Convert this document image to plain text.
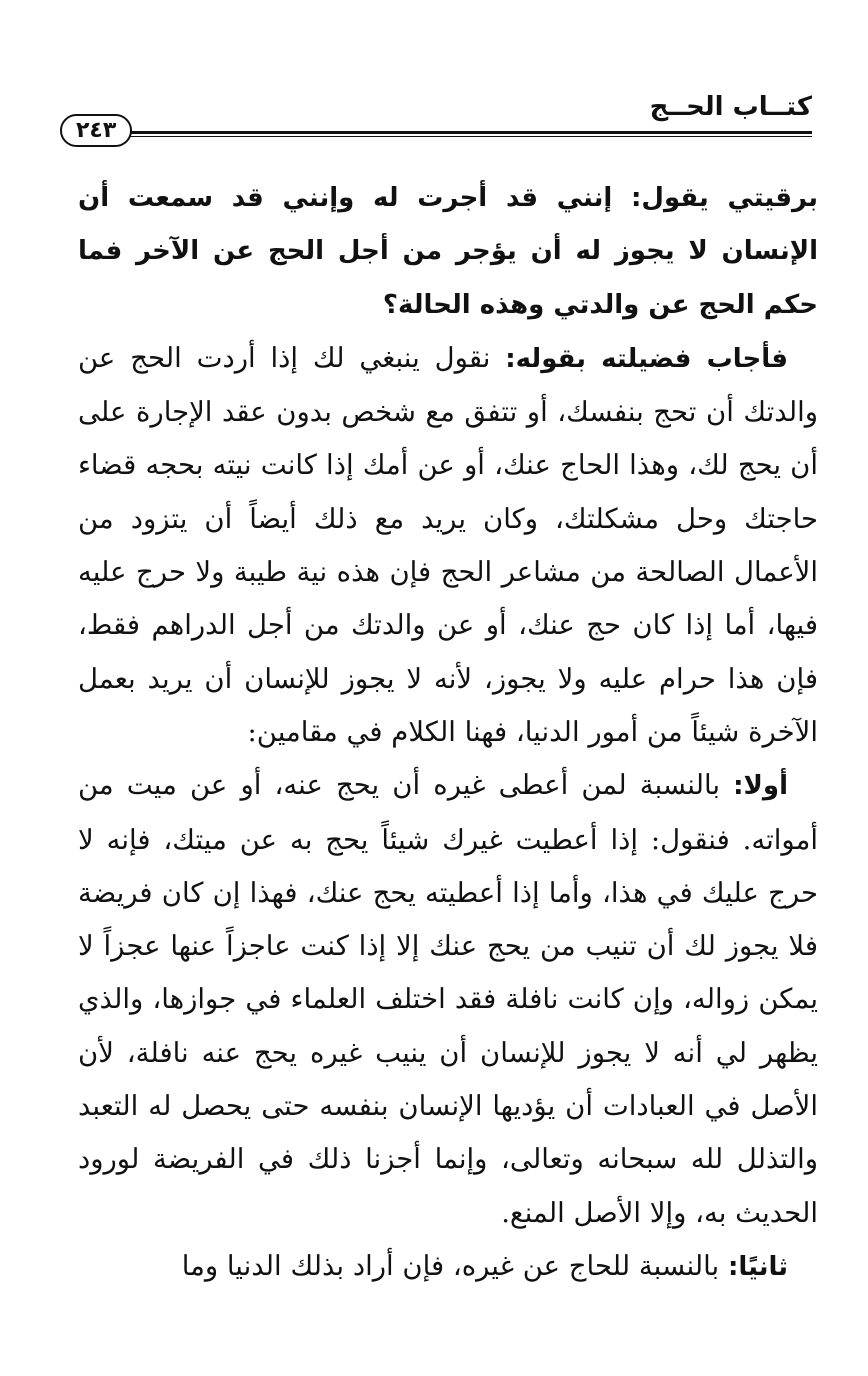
كتــاب الحــج
٢٤٣

برقيتي يقول: إنني قد أجرت له وإنني قد سمعت أن الإنسان لا يجوز له أن يؤجر من أجل الحج عن الآخر فما حكم الحج عن والدتي وهذه الحالة؟

فأجاب فضيلته بقوله: نقول ينبغي لك إذا أردت الحج عن والدتك أن تحج بنفسك، أو تتفق مع شخص بدون عقد الإجارة على أن يحج لك، وهذا الحاج عنك، أو عن أمك إذا كانت نيته بحجه قضاء حاجتك وحل مشكلتك، وكان يريد مع ذلك أيضاً أن يتزود من الأعمال الصالحة من مشاعر الحج فإن هذه نية طيبة ولا حرج عليه فيها، أما إذا كان حج عنك، أو عن والدتك من أجل الدراهم فقط، فإن هذا حرام عليه ولا يجوز، لأنه لا يجوز للإنسان أن يريد بعمل الآخرة شيئاً من أمور الدنيا، فهنا الكلام في مقامين:

أولا: بالنسبة لمن أعطى غيره أن يحج عنه، أو عن ميت من أمواته. فنقول: إذا أعطيت غيرك شيئاً يحج به عن ميتك، فإنه لا حرج عليك في هذا، وأما إذا أعطيته يحج عنك، فهذا إن كان فريضة فلا يجوز لك أن تنيب من يحج عنك إلا إذا كنت عاجزاً عنها عجزاً لا يمكن زواله، وإن كانت نافلة فقد اختلف العلماء في جوازها، والذي يظهر لي أنه لا يجوز للإنسان أن ينيب غيره يحج عنه نافلة، لأن الأصل في العبادات أن يؤديها الإنسان بنفسه حتى يحصل له التعبد والتذلل لله سبحانه وتعالى، وإنما أجزنا ذلك في الفريضة لورود الحديث به، وإلا الأصل المنع.

ثانيًا: بالنسبة للحاج عن غيره، فإن أراد بذلك الدنيا وما
